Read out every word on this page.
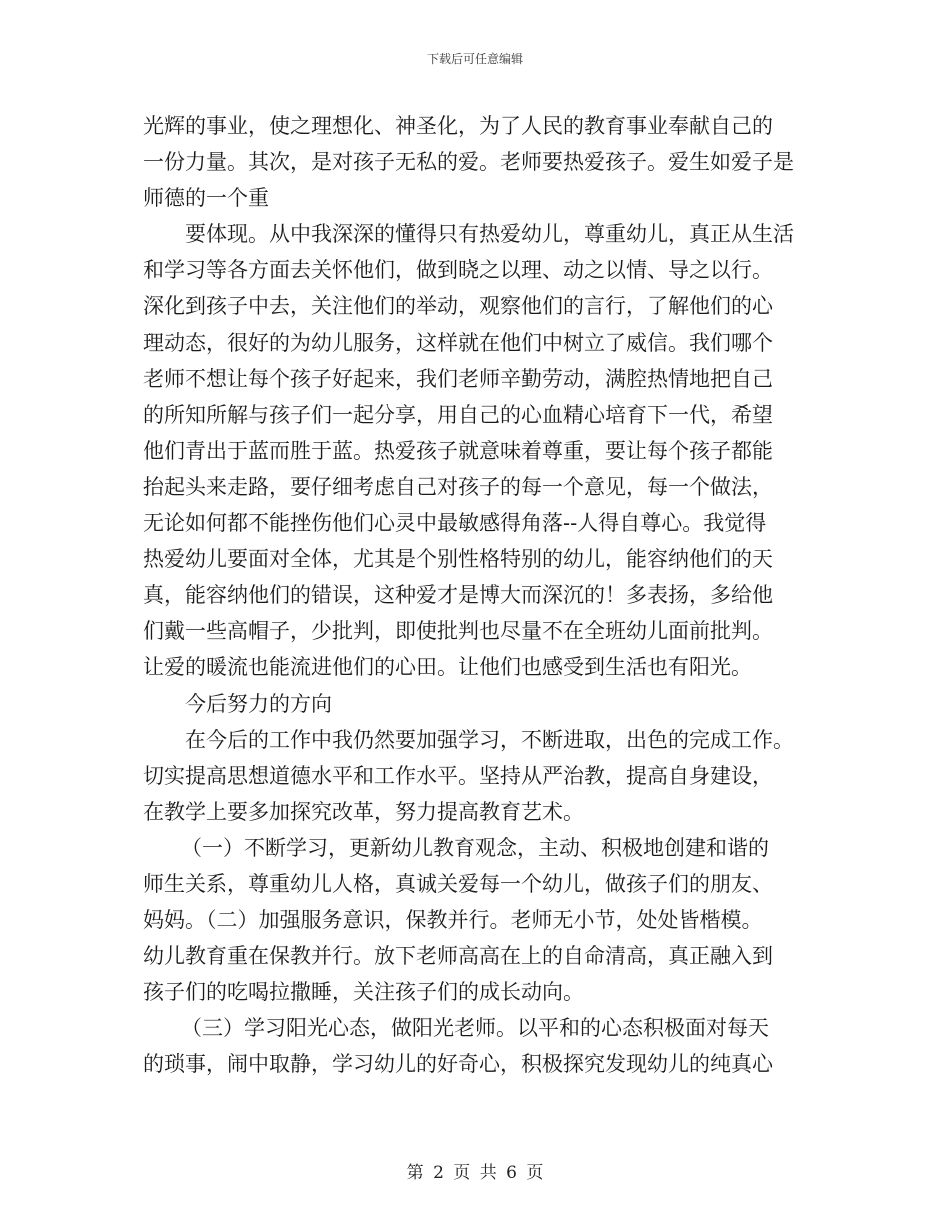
下载后可任意编辑
光辉的事业，使之理想化、神圣化，为了人民的教育事业奉献自己的
一份力量。其次，是对孩子无私的爱。老师要热爱孩子。爱生如爱子是
师德的一个重
要体现。从中我深深的懂得只有热爱幼儿，尊重幼儿，真正从生活
和学习等各方面去关怀他们，做到晓之以理、动之以情、导之以行。
深化到孩子中去，关注他们的举动，观察他们的言行，了解他们的心
理动态，很好的为幼儿服务，这样就在他们中树立了威信。我们哪个
老师不想让每个孩子好起来，我们老师辛勤劳动，满腔热情地把自己
的所知所解与孩子们一起分享，用自己的心血精心培育下一代，希望
他们青出于蓝而胜于蓝。热爱孩子就意味着尊重，要让每个孩子都能
抬起头来走路，要仔细考虑自己对孩子的每一个意见，每一个做法，
无论如何都不能挫伤他们心灵中最敏感得角落--人得自尊心。我觉得
热爱幼儿要面对全体，尤其是个别性格特别的幼儿，能容纳他们的天
真，能容纳他们的错误，这种爱才是博大而深沉的！多表扬，多给他
们戴一些高帽子，少批判，即使批判也尽量不在全班幼儿面前批判。
让爱的暖流也能流进他们的心田。让他们也感受到生活也有阳光。
今后努力的方向
在今后的工作中我仍然要加强学习，不断进取，出色的完成工作。
切实提高思想道德水平和工作水平。坚持从严治教，提高自身建设，
在教学上要多加探究改革，努力提高教育艺术。
（一）不断学习，更新幼儿教育观念，主动、积极地创建和谐的
师生关系，尊重幼儿人格，真诚关爱每一个幼儿，做孩子们的朋友、
妈妈。（二）加强服务意识，保教并行。老师无小节，处处皆楷模。
幼儿教育重在保教并行。放下老师高高在上的自命清高，真正融入到
孩子们的吃喝拉撒睡，关注孩子们的成长动向。
（三）学习阳光心态，做阳光老师。以平和的心态积极面对每天
的琐事，闹中取静，学习幼儿的好奇心，积极探究发现幼儿的纯真心
第 2 页 共 6 页
